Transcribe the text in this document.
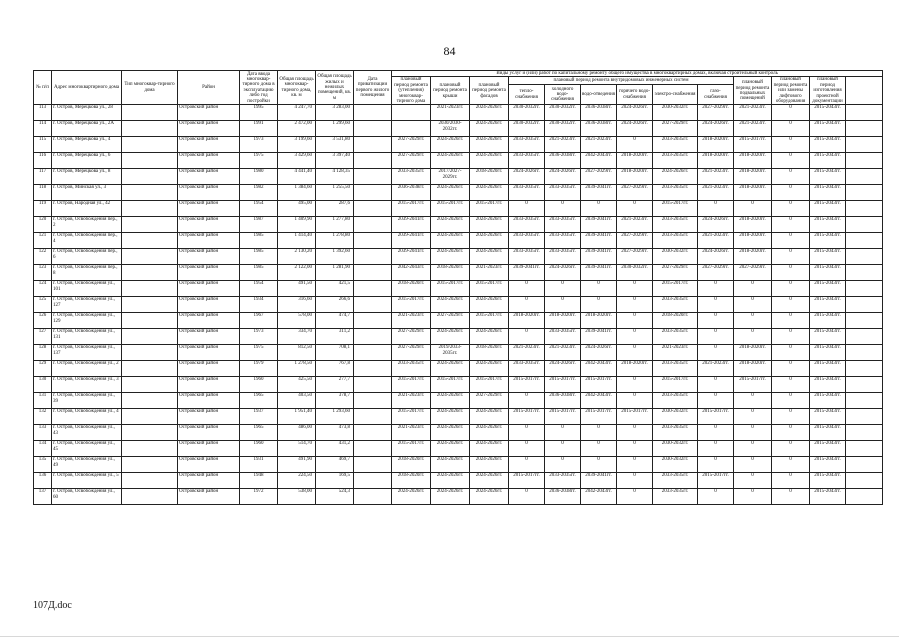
84
№ п/п	Адрес многоквартирного дома	Тип многоквар-тирного дома	Район	Дата ввода многоквар-тирного дома в эксплуатацию либо год постройки	Общая площадь многоквар-тирного дома, кв. м	Общая площадь жилых и нежилых помещений, кв. м	Дата приватизации первого жилого помещения	Виды услуг и (или) работ по капитальному ремонту общего имущества в многоквартирных домах, включая строительный контроль												
								плановый период ремонта (утепления) многоквар-тирного дома	плановый период ремонта крыши	плановый период ремонта фасадов	плановый период ремонта внутридомовых инженерных систем						плановый период ремонта подвальных помещений	плановый период ремонта или замены лифтового оборудования	плановый период изготовления проектной документации	
											тепло-снабжения	холодного водо-снабжения	водо-отведения	горячего водо-снабжения	электро-снабжения	газо-снабжения				
113	г. Остров, Мерецкова ул., 28		Островский район	1995	4 247,70	3 283,00			2021-2023гг.	2024-2026гг.	2030-2032гг.	2030-2032гг.	2036-2038гг.	2024-2026гг.	2030-2032гг.	2027-2029гг.	2021-2023гг.	0	2015-2043гг.	
114	г. Остров, Мерецкова ул., 2А		Островский район	1991	2 472,00	1 299,60			2030/2030-2032гг.	2024-2026гг.	2030-2032гг.	2030-2032гг.	2036-2038гг.	2024-2026гг.	2027-2029гг.	2024-2026гг.	2021-2023гг.	0	2015-2043гг.	
115	г. Остров, Мерецкова ул., 4		Островский район	1973	3 199,60	3 531,80		2027-2029гг.	2024-2026гг.	2024-2026гг.	2033-2035гг.	2021-2023гг.	2021-2023гг.	0	2033-2035гг.	2018-2020гг.	2015-2017гг.	0	2015-2043гг.	
116	г. Остров, Мерецкова ул., 6		Островский район	1975	3 429,60	3 397,40		2027-2029гг.	2024-2026гг.	2024-2026гг.	2033-2035гг.	2036-2038гг.	2042-2043гг.	2018-2020гг.	2033-2035гг.	2018-2020гг.	2018-2020гг.	0	2015-2043гг.	
117	г. Остров, Мерецкова ул., 8		Островский район	1980	4 441,40	4 128,35		2033-2035гг.	2017/2027-2029гг.	2018-2020гг.	2024-2026гг.	2024-2026гг.	2027-2029гг.	2018-2020гг.	2024-2026гг.	2021-2023гг.	2018-2020гг.	0	2015-2043гг.	
118	г. Остров, Минская ул., 3		Островский район	1982	1 384,60	1 255,50		2036-2038гг.	2024-2026гг.	2024-2026гг.	2033-2035гг.	2033-2035гг.	2039-2041гг.	2027-2029гг.	2033-2035гг.	2021-2023гг.	2018-2020гг.	0	2015-2043гг.	
119	г. Остров, Народная ул., 42		Островский район	1954	495,00	287,6		2015-2017гг.	2015-2017гг.	2015-2017гг.	0	0	0	0	2015-2017гг.	0	0	0	2015-2043гг.	
120	г. Остров, Освобождения пер., 2		Островский район	1987	1 409,90	1 277,80		2039-2041гг.	2024-2026гг.	2024-2026гг.	2033-2035гг.	2033-2035гг.	2039-2041гг.	2021-2023гг.	2033-2035гг.	2024-2026гг.	2018-2020гг.	0	2015-2043гг.	
121	г. Остров, Освобождения пер., 4		Островский район	1985	1 414,40	1 278,80		2039-2041гг.	2024-2026гг.	2024-2026гг.	2033-2035гг.	2033-2035гг.	2039-2041гг.	2027-2029гг.	2033-2035гг.	2021-2023гг.	2018-2020гг.	0	2015-2043гг.	
122	г. Остров, Освобождения пер., 6		Островский район	1985	2 130,20	1 392,60		2039-2041гг.	2024-2026гг.	2024-2026гг.	2033-2035гг.	2033-2035гг.	2039-2041гг.	2027-2029гг.	2030-2032гг.	2024-2026гг.	2018-2020гг.	0	2015-2043гг.	
123	г. Остров, Освобождения пер., 8		Островский район	1985	2 122,00	1 281,90		2042-2043гг.	2018-2020гг.	2021-2023гг.	2039-2041гг.	2024-2026гг.	2039-2041гг.	2030-2032гг.	2027-2029гг.	2027-2029гг.	2027-2029гг.	0	2015-2043гг.	
124	г. Остров, Освобождения ул., 101		Островский район	1954	491,50	421,5		2018-2020гг.	2015-2017гг.	2015-2017гг.	0	0	0	0	2015-2017гг.	0	0	0	2015-2043гг.	
125	г. Остров, Освобождения ул., 127		Островский район	1934	316,60	266,6		2015-2017гг.	2024-2026гг.	2024-2026гг.	0	0	0	0	2033-2035гг.	0	0	0	2015-2043гг.	
126	г. Остров, Освобождения ул., 129		Островский район	1967	578,00	474,7		2021-2023гг.	2027-2029гг.	2015-2017гг.	2018-2020гг.	2018-2020гг.	2018-2020гг.	0	2018-2020гг.	0	0	0	2015-2043гг.	
127	г. Остров, Освобождения ул., 131		Островский район	1973	334,70	311,2		2027-2029гг.	2024-2026гг.	2024-2026гг.	0	2033-2035гг.	2039-2041гг.	0	2033-2035гг.	0	0	0	2015-2043гг.	
128	г. Остров, Освобождения ул., 137		Островский район	1975	812,50	708,1		2027-2029гг.	2019/2033-2035гг.	2018-2020гг.	2021-2023гг.	2021-2023гг.	2024-2026гг.	0	2021-2023гг.	0	2018-2020гг.	0	2015-2043гг.	
129	г. Остров, Освобождения ул., 2		Островский район	1979	1 278,50	767,8		2033-2035гг.	2024-2026гг.	2024-2026гг.	2033-2035гг.	2024-2026гг.	2042-2043гг.	2018-2020гг.	2033-2035гг.	2021-2023гг.	2018-2020гг.	0	2015-2043гг.	
130	г. Остров, Освобождения ул., 3		Островский район	1960	425,50	277,7		2015-2017гг.	2015-2017гг.	2015-2017гг.	2015-2017гг.	2015-2017гг.	2015-2017гг.	0	2015-2017гг.	0	2015-2017гг.	0	2015-2043гг.	
131	г. Остров, Освобождения ул., 39		Островский район	1965	403,50	378,7		2021-2023гг.	2024-2026гг.	2027-2029гг.	0	2036-2038гг.	2042-2043гг.	0	2033-2035гг.	0	0	0	2015-2043гг.	
132	г. Остров, Освобождения ул., 4		Островский район	1937	1 951,40	1 293,60		2015-2017гг.	2024-2026гг.	2024-2026гг.	2015-2017гг.	2015-2017гг.	2015-2017гг.	2015-2017гг.	2030-2032гг.	2015-2017гг.	0	0	2015-2043гг.	
133	г. Остров, Освобождения ул., 43		Островский район	1965	486,00	473,8		2021-2023гг.	2024-2026гг.	2024-2026гг.	0	0	0	0	2033-2035гг.	0	0	0	2015-2043гг.	
134	г. Остров, Освобождения ул., 45		Островский район	1960	514,70	431,2		2015-2017гг.	2024-2026гг.	2024-2026гг.	0	0	0	0	2030-2032гг.	0	0	0	2015-2043гг.	
135	г. Остров, Освобождения ул., 49		Островский район	1931	491,90	469,7		2018-2020гг.	2024-2026гг.	2024-2026гг.	0	0	0	0	2030-2032гг.	0	0	0	2015-2043гг.	
136	г. Остров, Освобождения ул., 5		Островский район	1948	224,50	169,5		2018-2020гг.	2024-2026гг.	2024-2026гг.	2015-2017гг.	2033-2035гг.	2039-2041гг.	0	2033-2035гг.	2015-2017гг.	0	0	2015-2043гг.	
137	г. Остров, Освобождения ул., 60		Островский район	1972	538,00	524,3		2024-2026гг.	2024-2026гг.	2024-2026гг.	0	2036-2038гг.	2042-2043гг.	0	2033-2035гг.	0	0	0	2015-2043гг.	
107Д.doc
